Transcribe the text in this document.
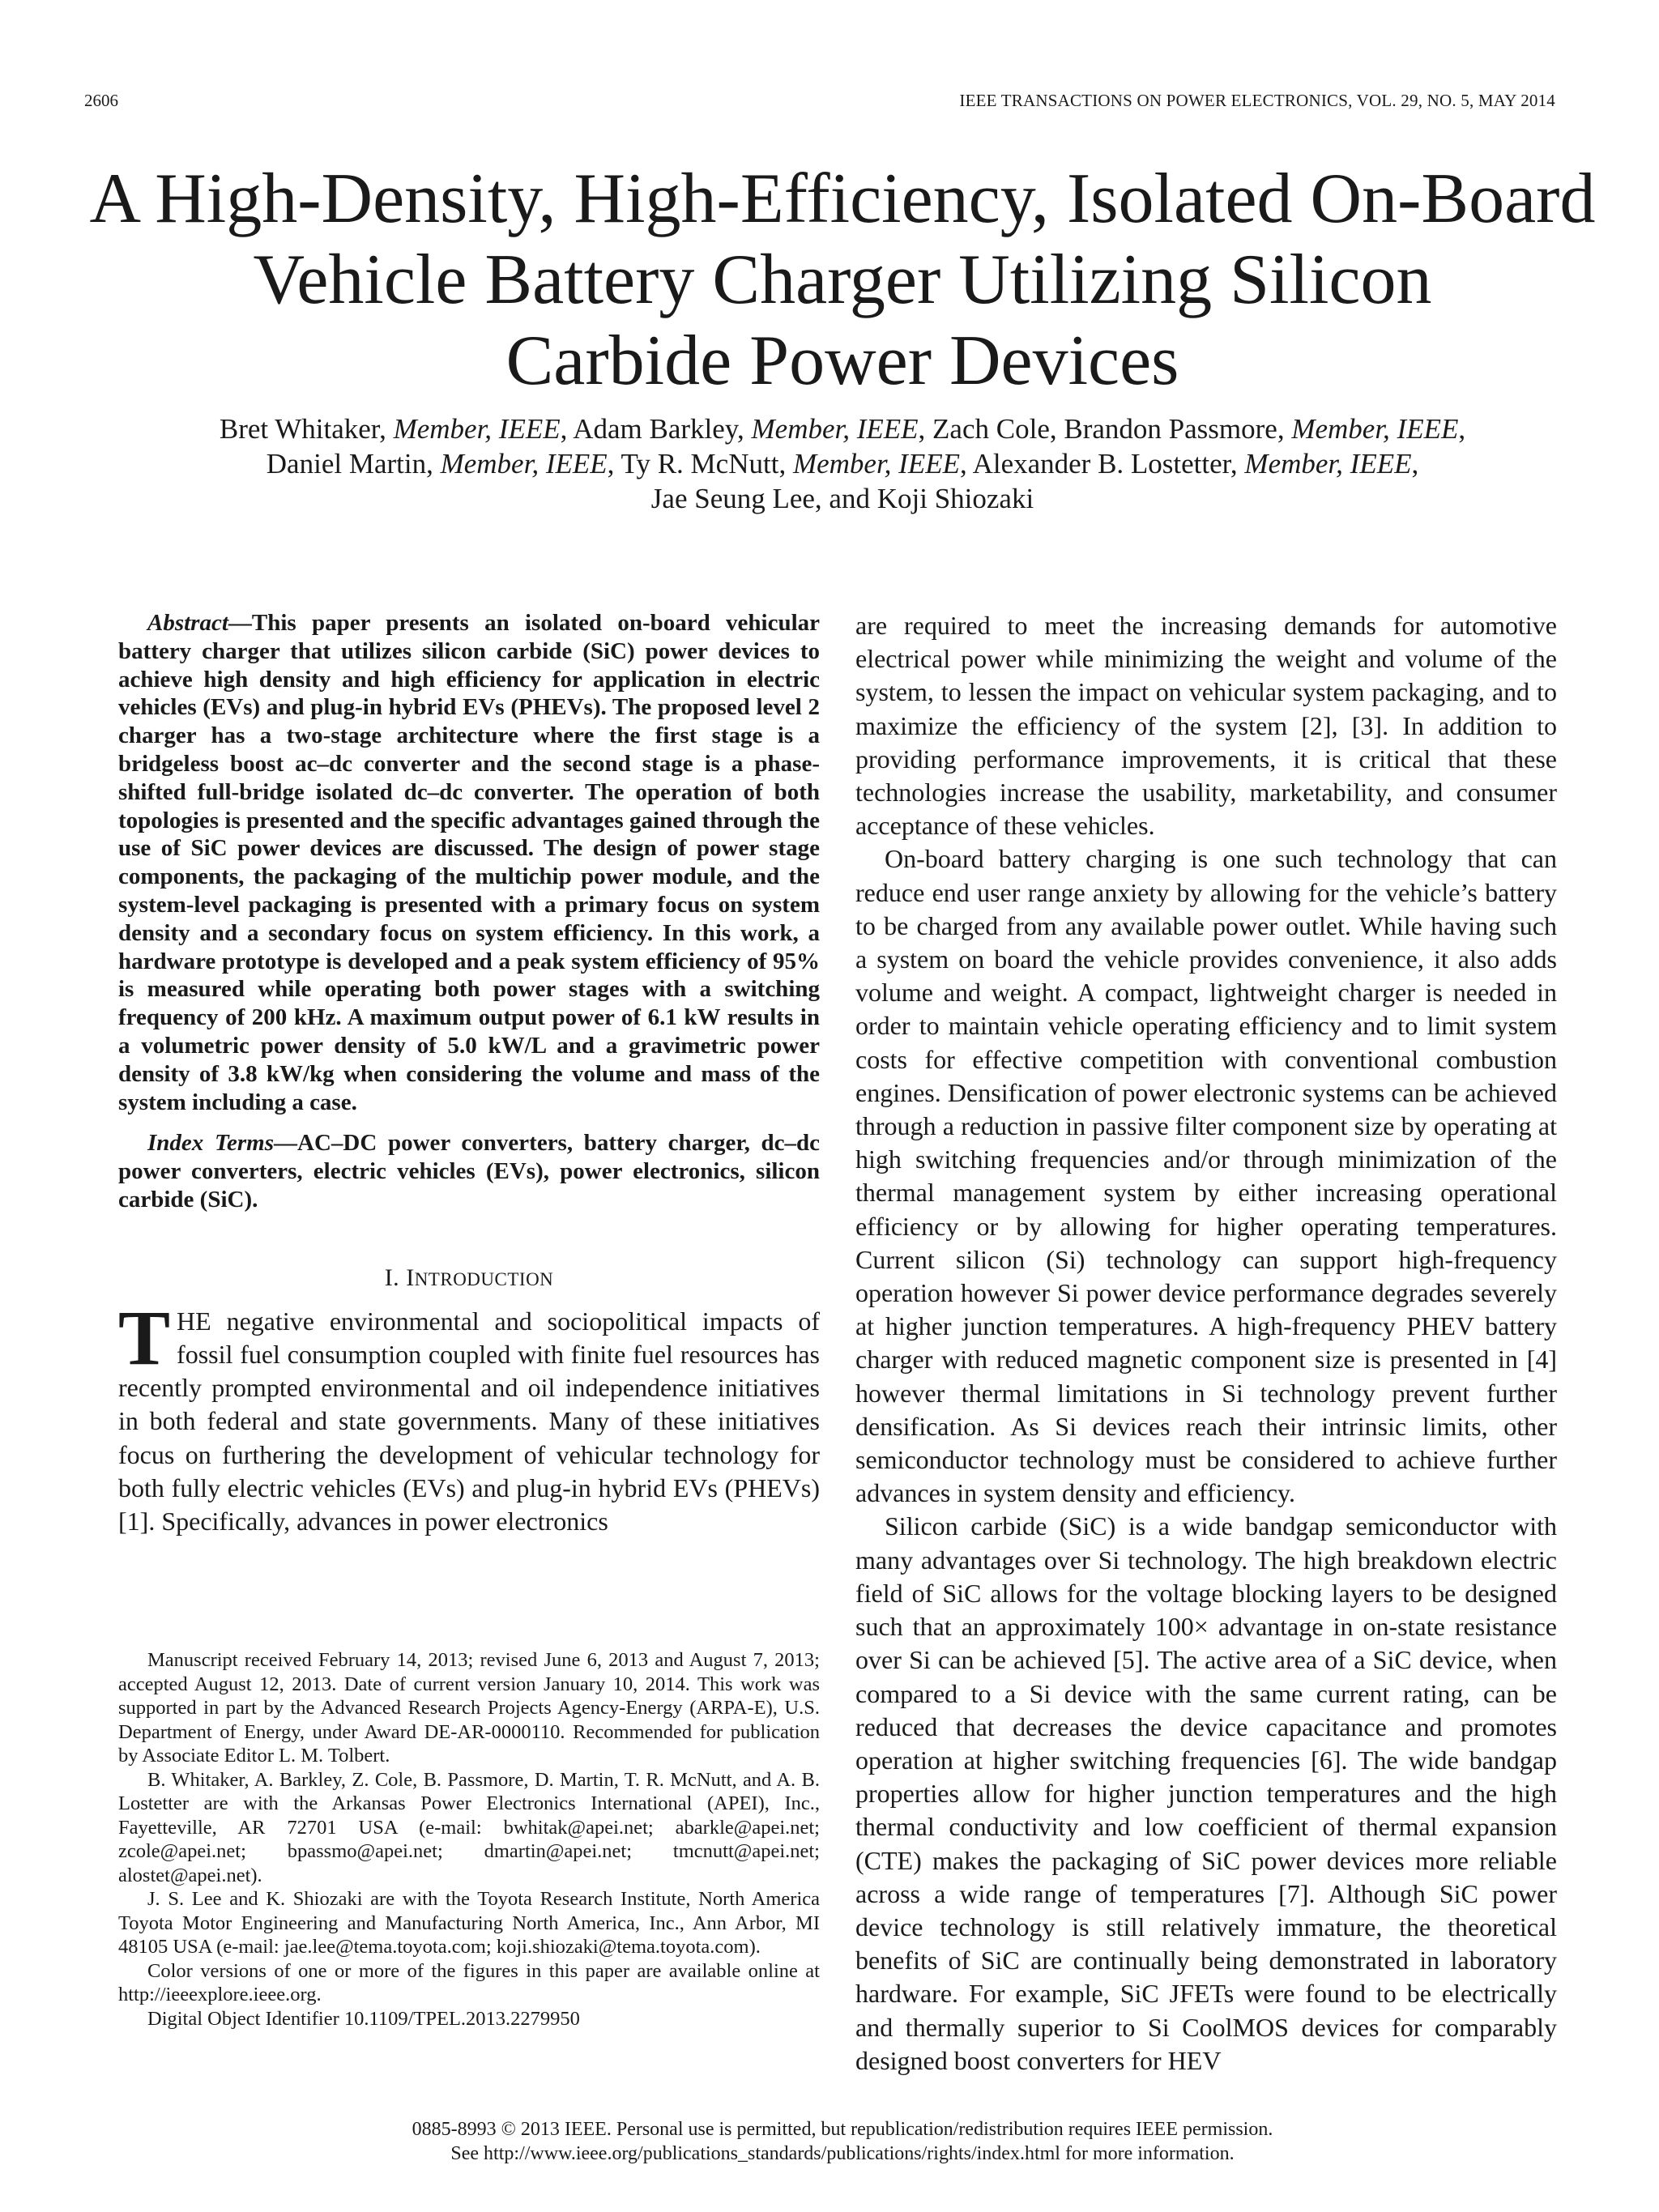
2606	IEEE TRANSACTIONS ON POWER ELECTRONICS, VOL. 29, NO. 5, MAY 2014
A High-Density, High-Efficiency, Isolated On-Board
Vehicle Battery Charger Utilizing Silicon
Carbide Power Devices
Bret Whitaker, Member, IEEE, Adam Barkley, Member, IEEE, Zach Cole, Brandon Passmore, Member, IEEE,
Daniel Martin, Member, IEEE, Ty R. McNutt, Member, IEEE, Alexander B. Lostetter, Member, IEEE,
Jae Seung Lee, and Koji Shiozaki

Abstract—This paper presents an isolated on-board vehicular battery charger that utilizes silicon carbide (SiC) power devices to achieve high density and high efficiency for application in electric vehicles (EVs) and plug-in hybrid EVs (PHEVs). The proposed level 2 charger has a two-stage architecture where the first stage is a bridgeless boost ac–dc converter and the second stage is a phase-shifted full-bridge isolated dc–dc converter. The operation of both topologies is presented and the specific advantages gained through the use of SiC power devices are discussed. The design of power stage components, the packaging of the multichip power module, and the system-level packaging is presented with a primary focus on system density and a secondary focus on system efficiency. In this work, a hardware prototype is developed and a peak system efficiency of 95% is measured while operating both power stages with a switching frequency of 200 kHz. A maximum output power of 6.1 kW results in a volumetric power density of 5.0 kW/L and a gravimetric power density of 3.8 kW/kg when considering the volume and mass of the system including a case.

Index Terms—AC–DC power converters, battery charger, dc–dc power converters, electric vehicles (EVs), power electronics, silicon carbide (SiC).

I. INTRODUCTION

THE negative environmental and sociopolitical impacts of fossil fuel consumption coupled with finite fuel resources has recently prompted environmental and oil independence initiatives in both federal and state governments. Many of these initiatives focus on furthering the development of vehicular technology for both fully electric vehicles (EVs) and plug-in hybrid EVs (PHEVs) [1]. Specifically, advances in power electronics

Manuscript received February 14, 2013; revised June 6, 2013 and August 7, 2013; accepted August 12, 2013. Date of current version January 10, 2014. This work was supported in part by the Advanced Research Projects Agency-Energy (ARPA-E), U.S. Department of Energy, under Award DE-AR-0000110. Recommended for publication by Associate Editor L. M. Tolbert.

B. Whitaker, A. Barkley, Z. Cole, B. Passmore, D. Martin, T. R. McNutt, and A. B. Lostetter are with the Arkansas Power Electronics International (APEI), Inc., Fayetteville, AR 72701 USA (e-mail: bwhitak@apei.net; abarkle@apei.net; zcole@apei.net; bpassmo@apei.net; dmartin@apei.net; tmcnutt@apei.net; alostet@apei.net).

J. S. Lee and K. Shiozaki are with the Toyota Research Institute, North America Toyota Motor Engineering and Manufacturing North America, Inc., Ann Arbor, MI 48105 USA (e-mail: jae.lee@tema.toyota.com; koji.shiozaki@tema.toyota.com).

Color versions of one or more of the figures in this paper are available online at http://ieeexplore.ieee.org.

Digital Object Identifier 10.1109/TPEL.2013.2279950

are required to meet the increasing demands for automotive electrical power while minimizing the weight and volume of the system, to lessen the impact on vehicular system packaging, and to maximize the efficiency of the system [2], [3]. In addition to providing performance improvements, it is critical that these technologies increase the usability, marketability, and consumer acceptance of these vehicles.

On-board battery charging is one such technology that can reduce end user range anxiety by allowing for the vehicle’s battery to be charged from any available power outlet. While having such a system on board the vehicle provides convenience, it also adds volume and weight. A compact, lightweight charger is needed in order to maintain vehicle operating efficiency and to limit system costs for effective competition with conventional combustion engines. Densification of power electronic systems can be achieved through a reduction in passive filter component size by operating at high switching frequencies and/or through minimization of the thermal management system by either increasing operational efficiency or by allowing for higher operating temperatures. Current silicon (Si) technology can support high-frequency operation however Si power device performance degrades severely at higher junction temperatures. A high-frequency PHEV battery charger with reduced magnetic component size is presented in [4] however thermal limitations in Si technology prevent further densification. As Si devices reach their intrinsic limits, other semiconductor technology must be considered to achieve further advances in system density and efficiency.

Silicon carbide (SiC) is a wide bandgap semiconductor with many advantages over Si technology. The high breakdown electric field of SiC allows for the voltage blocking layers to be designed such that an approximately 100× advantage in on-state resistance over Si can be achieved [5]. The active area of a SiC device, when compared to a Si device with the same current rating, can be reduced that decreases the device capacitance and promotes operation at higher switching frequencies [6]. The wide bandgap properties allow for higher junction temperatures and the high thermal conductivity and low coefficient of thermal expansion (CTE) makes the packaging of SiC power devices more reliable across a wide range of temperatures [7]. Although SiC power device technology is still relatively immature, the theoretical benefits of SiC are continually being demonstrated in laboratory hardware. For example, SiC JFETs were found to be electrically and thermally superior to Si CoolMOS devices for comparably designed boost converters for HEV

0885-8993 © 2013 IEEE. Personal use is permitted, but republication/redistribution requires IEEE permission.
See http://www.ieee.org/publications_standards/publications/rights/index.html for more information.
